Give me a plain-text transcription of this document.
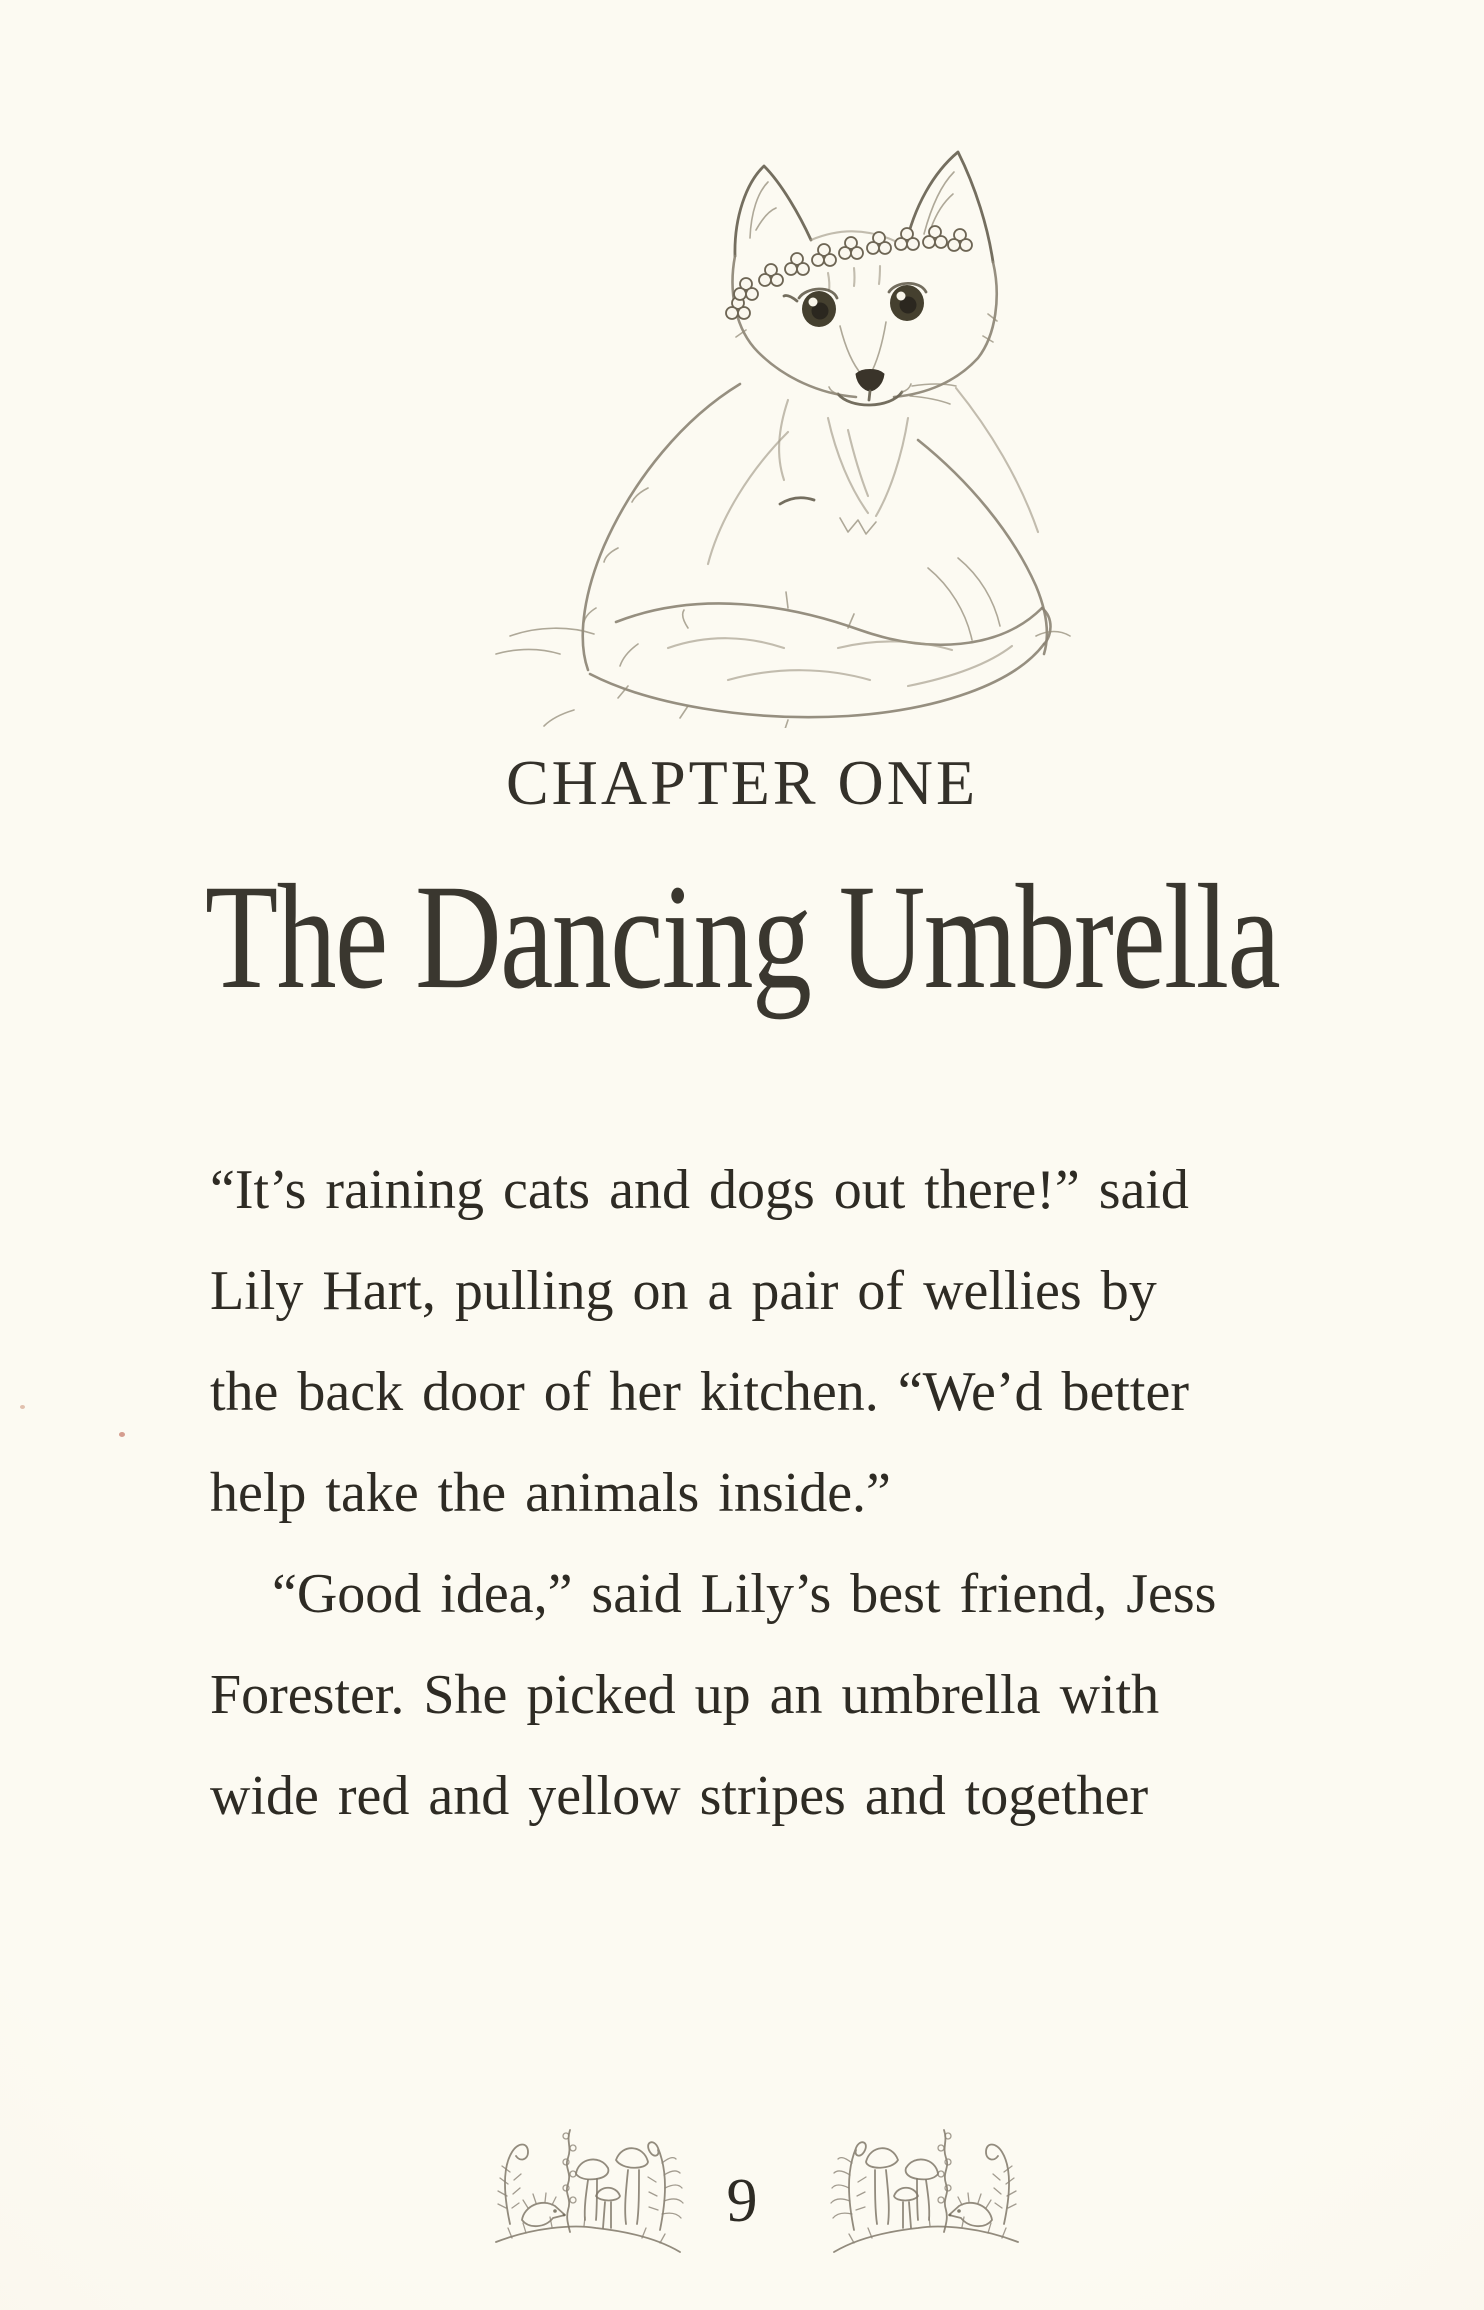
CHAPTER ONE
The Dancing Umbrella
“It’s raining cats and dogs out there!” said
Lily Hart, pulling on a pair of wellies by
the back door of her kitchen. “We’d better
help take the animals inside.”
“Good idea,” said Lily’s best friend, Jess
Forester. She picked up an umbrella with
wide red and yellow stripes and together
9
